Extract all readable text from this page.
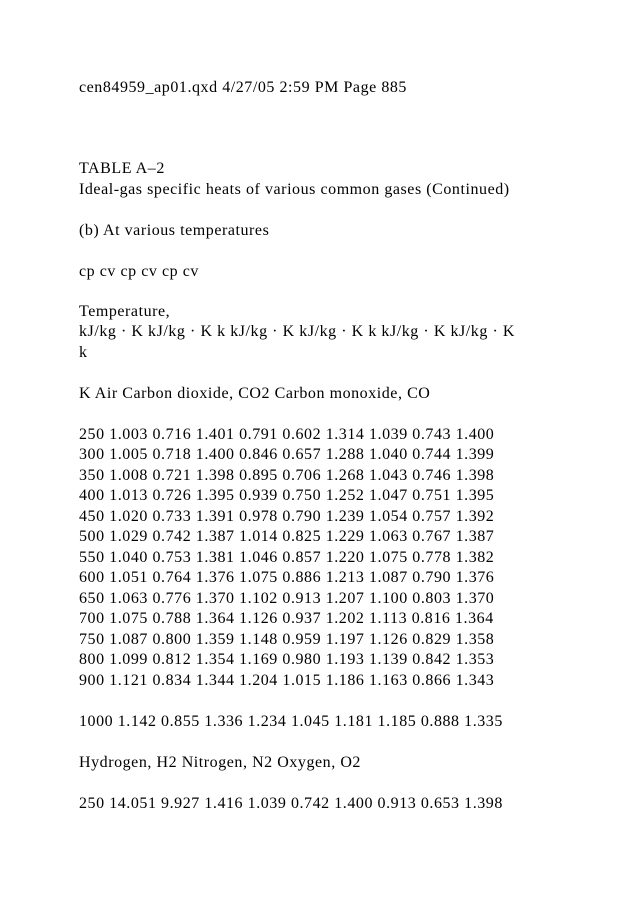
cen84959_ap01.qxd 4/27/05 2:59 PM Page 885
TABLE A–2
Ideal-gas specific heats of various common gases (Continued)
(b) At various temperatures
cp cv cp cv cp cv
Temperature,
kJ/kg · K kJ/kg · K k kJ/kg · K kJ/kg · K k kJ/kg · K kJ/kg · K
k
K Air Carbon dioxide, CO2 Carbon monoxide, CO
250 1.003 0.716 1.401 0.791 0.602 1.314 1.039 0.743 1.400
300 1.005 0.718 1.400 0.846 0.657 1.288 1.040 0.744 1.399
350 1.008 0.721 1.398 0.895 0.706 1.268 1.043 0.746 1.398
400 1.013 0.726 1.395 0.939 0.750 1.252 1.047 0.751 1.395
450 1.020 0.733 1.391 0.978 0.790 1.239 1.054 0.757 1.392
500 1.029 0.742 1.387 1.014 0.825 1.229 1.063 0.767 1.387
550 1.040 0.753 1.381 1.046 0.857 1.220 1.075 0.778 1.382
600 1.051 0.764 1.376 1.075 0.886 1.213 1.087 0.790 1.376
650 1.063 0.776 1.370 1.102 0.913 1.207 1.100 0.803 1.370
700 1.075 0.788 1.364 1.126 0.937 1.202 1.113 0.816 1.364
750 1.087 0.800 1.359 1.148 0.959 1.197 1.126 0.829 1.358
800 1.099 0.812 1.354 1.169 0.980 1.193 1.139 0.842 1.353
900 1.121 0.834 1.344 1.204 1.015 1.186 1.163 0.866 1.343
1000 1.142 0.855 1.336 1.234 1.045 1.181 1.185 0.888 1.335
Hydrogen, H2 Nitrogen, N2 Oxygen, O2
250 14.051 9.927 1.416 1.039 0.742 1.400 0.913 0.653 1.398
